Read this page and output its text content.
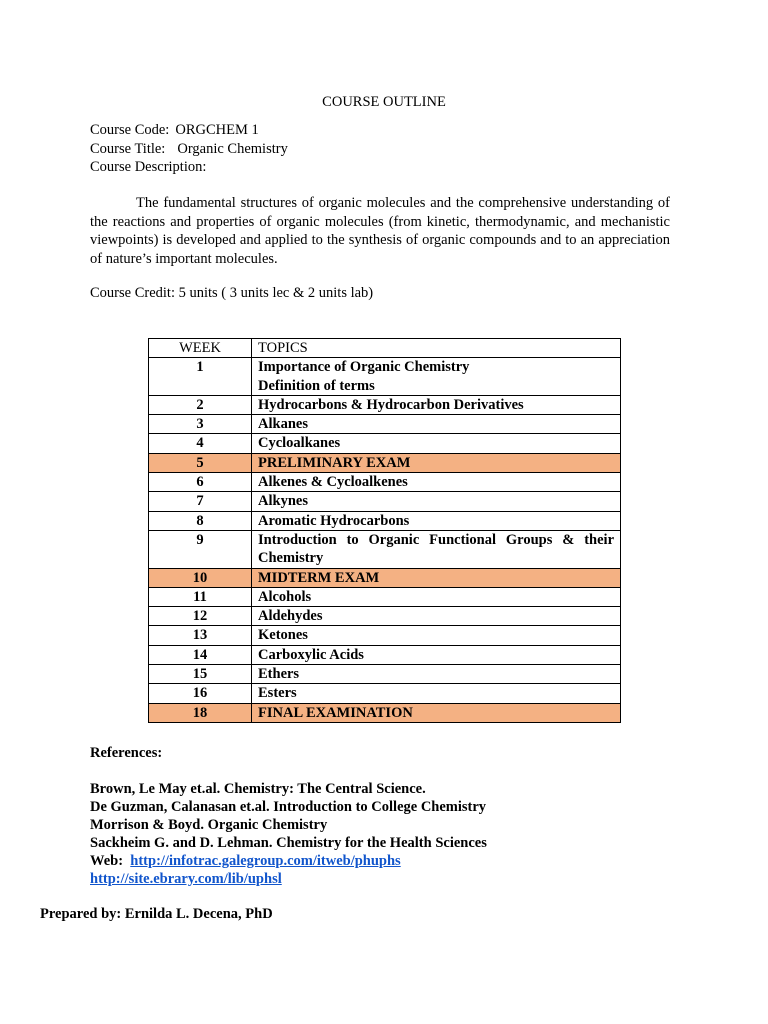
COURSE OUTLINE
Course Code: ORGCHEM 1
Course Title: Organic Chemistry
Course Description:
The fundamental structures of organic molecules and the comprehensive understanding of the reactions and properties of organic molecules (from kinetic, thermodynamic, and mechanistic viewpoints) is developed and applied to the synthesis of organic compounds and to an appreciation of nature’s important molecules.
Course Credit: 5 units ( 3 units lec & 2 units lab)
WEEK	TOPICS
1	Importance of Organic Chemistry
Definition of terms

2	Hydrocarbons & Hydrocarbon Derivatives

3	Alkanes

4	Cycloalkanes

5	PRELIMINARY EXAM

6	Alkenes & Cycloalkenes

7	Alkynes

8	Aromatic Hydrocarbons

9	Introduction to Organic Functional Groups & their Chemistry

10	MIDTERM EXAM

11	Alcohols

12	Aldehydes

13	Ketones

14	Carboxylic Acids

15	Ethers

16	Esters

18	FINAL EXAMINATION
References:
Brown, Le May et.al. Chemistry: The Central Science.
De Guzman, Calanasan et.al. Introduction to College Chemistry
Morrison & Boyd. Organic Chemistry
Sackheim G. and D. Lehman. Chemistry for the Health Sciences
Web: http://infotrac.galegroup.com/itweb/phuphs
http://site.ebrary.com/lib/uphsl
Prepared by: Ernilda L. Decena, PhD
